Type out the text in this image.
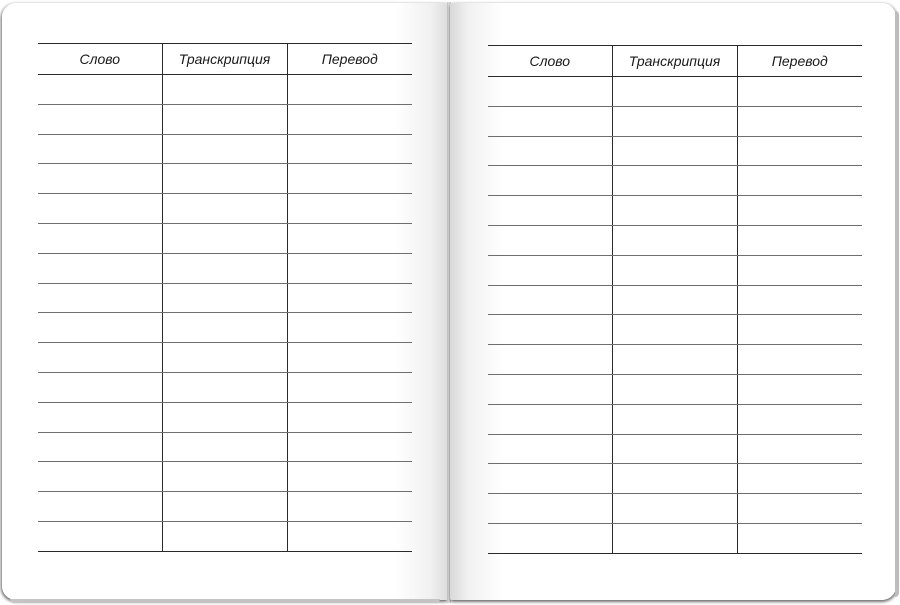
Слово	Транскрипция	Перевод

			Слово	Транскрипция	Перевод
